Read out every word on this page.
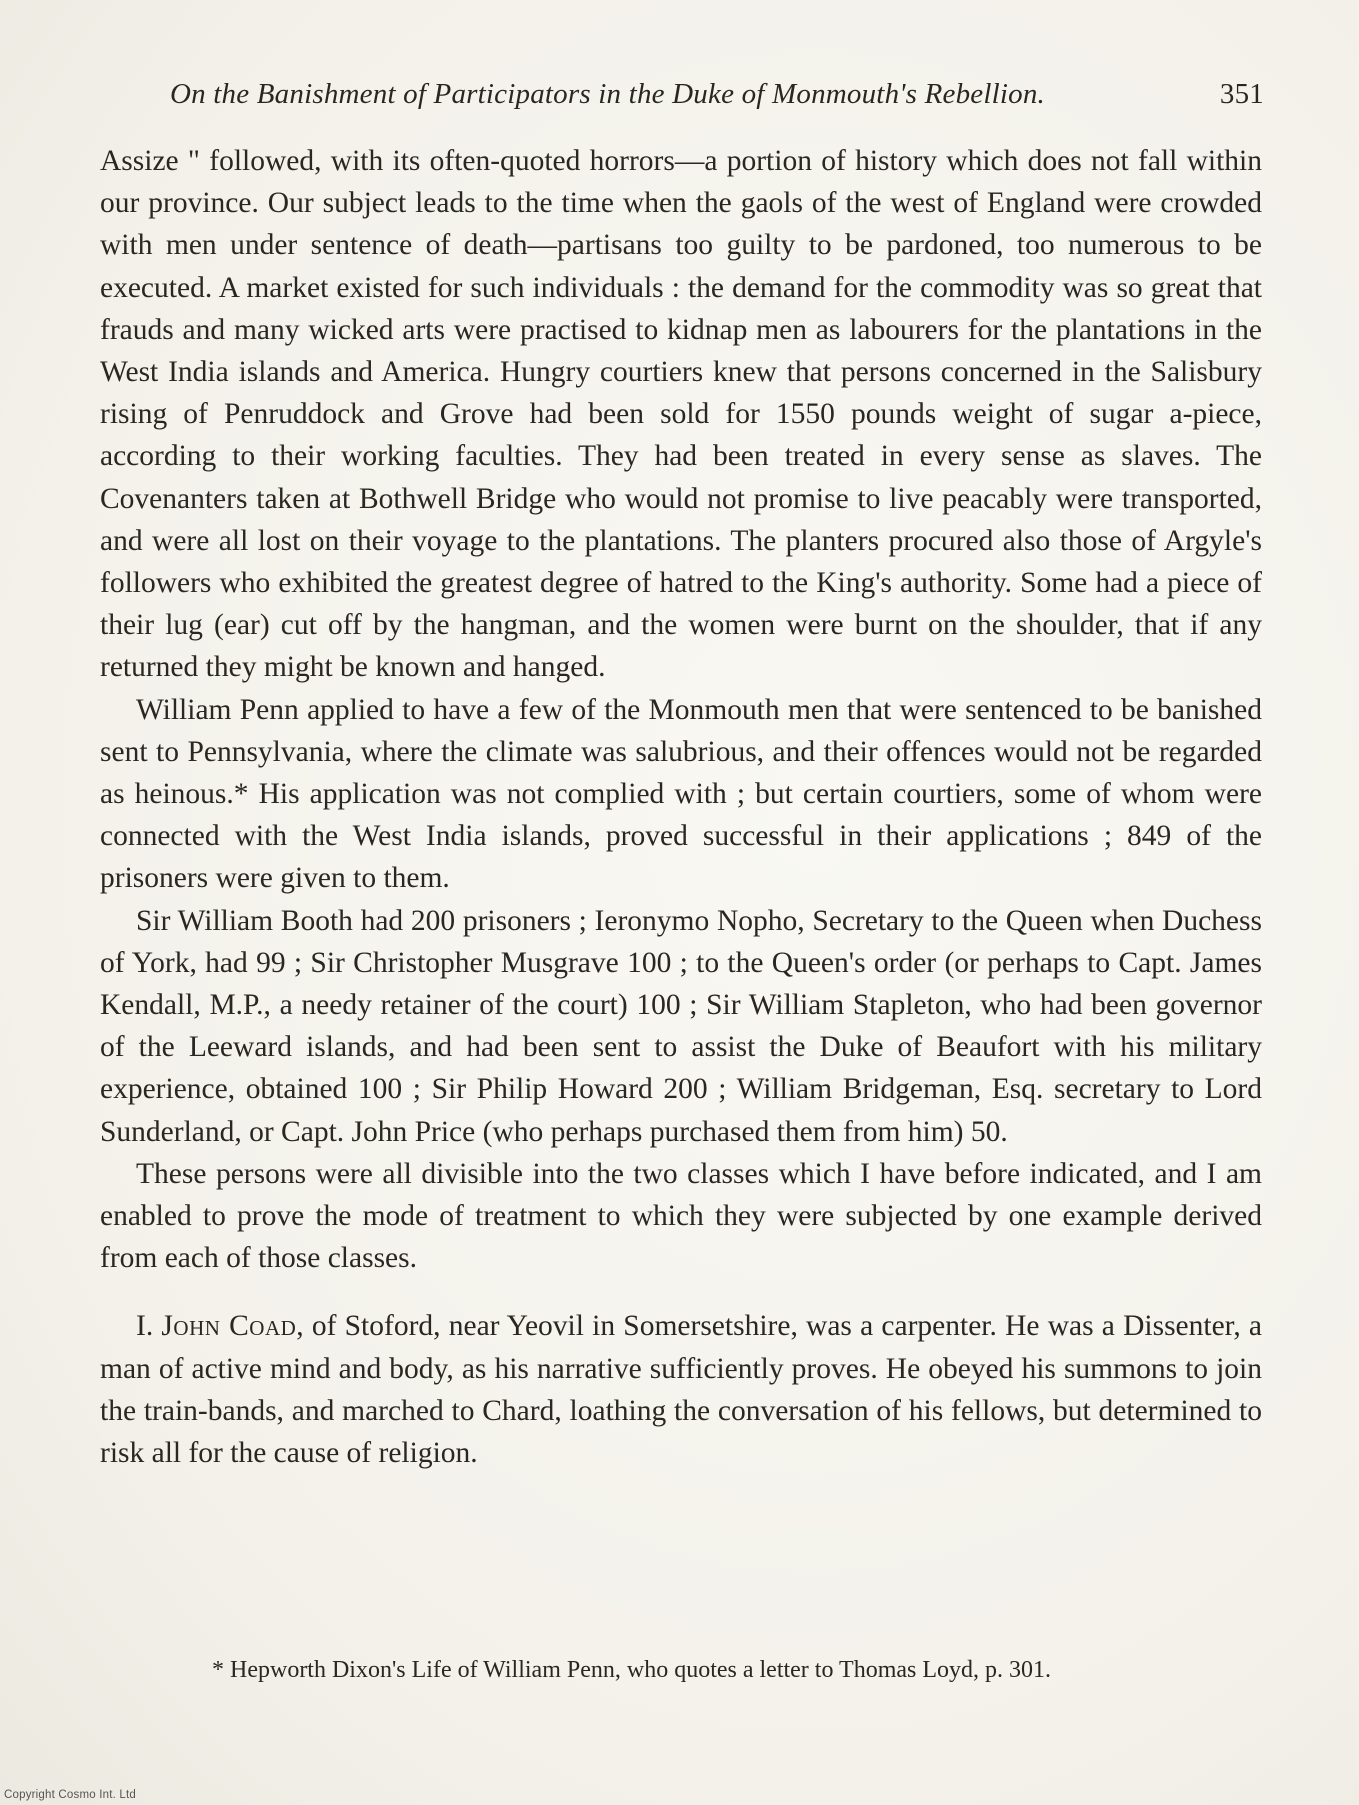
On the Banishment of Participators in the Duke of Monmouth's Rebellion.	351

Assize " followed, with its often-quoted horrors—a portion of history which does not fall within our province. Our subject leads to the time when the gaols of the west of England were crowded with men under sentence of death—partisans too guilty to be pardoned, too numerous to be executed. A market existed for such individuals : the demand for the commodity was so great that frauds and many wicked arts were practised to kidnap men as labourers for the plantations in the West India islands and America. Hungry courtiers knew that persons concerned in the Salisbury rising of Penruddock and Grove had been sold for 1550 pounds weight of sugar a-piece, according to their working faculties. They had been treated in every sense as slaves. The Covenanters taken at Bothwell Bridge who would not promise to live peacably were transported, and were all lost on their voyage to the plantations. The planters procured also those of Argyle's followers who exhibited the greatest degree of hatred to the King's authority. Some had a piece of their lug (ear) cut off by the hangman, and the women were burnt on the shoulder, that if any returned they might be known and hanged.

William Penn applied to have a few of the Monmouth men that were sentenced to be banished sent to Pennsylvania, where the climate was salubrious, and their offences would not be regarded as heinous.* His application was not complied with ; but certain courtiers, some of whom were connected with the West India islands, proved successful in their applications ; 849 of the prisoners were given to them.

Sir William Booth had 200 prisoners ; Ieronymo Nopho, Secretary to the Queen when Duchess of York, had 99 ; Sir Christopher Musgrave 100 ; to the Queen's order (or perhaps to Capt. James Kendall, M.P., a needy retainer of the court) 100 ; Sir William Stapleton, who had been governor of the Leeward islands, and had been sent to assist the Duke of Beaufort with his military experience, obtained 100 ; Sir Philip Howard 200 ; William Bridgeman, Esq. secretary to Lord Sunderland, or Capt. John Price (who perhaps purchased them from him) 50.

These persons were all divisible into the two classes which I have before indicated, and I am enabled to prove the mode of treatment to which they were subjected by one example derived from each of those classes.

I. John Coad, of Stoford, near Yeovil in Somersetshire, was a carpenter. He was a Dissenter, a man of active mind and body, as his narrative sufficiently proves. He obeyed his summons to join the train-bands, and marched to Chard, loathing the conversation of his fellows, but determined to risk all for the cause of religion.

* Hepworth Dixon's Life of William Penn, who quotes a letter to Thomas Loyd, p. 301.
Copyright Cosmo Int. Ltd
